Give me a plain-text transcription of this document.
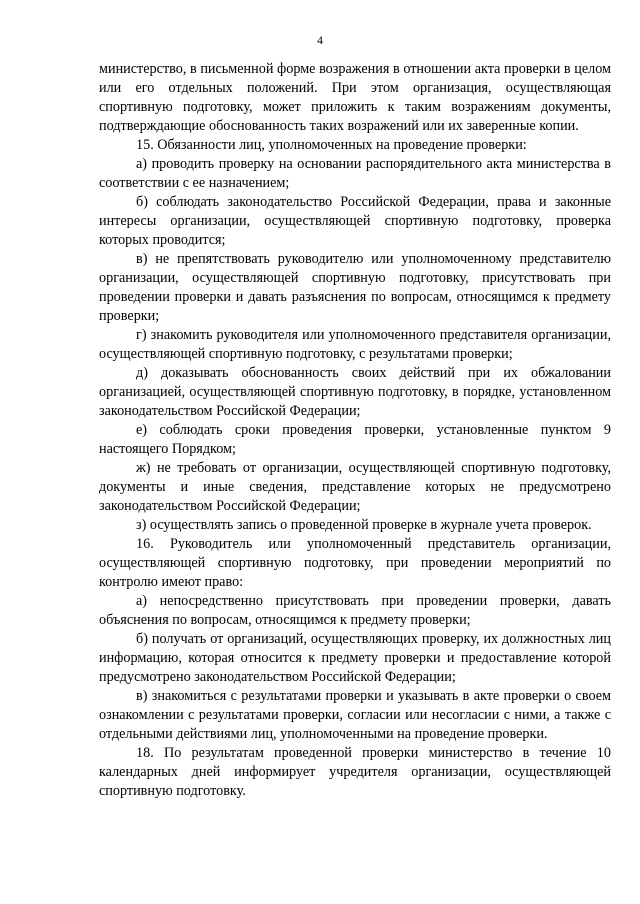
4

министерство, в письменной форме возражения в отношении акта проверки в целом или его отдельных положений. При этом организация, осуществляющая спортивную подготовку, может приложить к таким возражениям документы, подтверждающие обоснованность таких возражений или их заверенные копии.

15. Обязанности лиц, уполномоченных на проведение проверки:

а) проводить проверку на основании распорядительного акта министерства в соответствии с ее назначением;

б) соблюдать законодательство Российской Федерации, права и законные интересы организации, осуществляющей спортивную подготовку, проверка которых проводится;

в) не препятствовать руководителю или уполномоченному представителю организации, осуществляющей спортивную подготовку, присутствовать при проведении проверки и давать разъяснения по вопросам, относящимся к предмету проверки;

г) знакомить руководителя или уполномоченного представителя организации, осуществляющей спортивную подготовку, с результатами проверки;

д) доказывать обоснованность своих действий при их обжаловании организацией, осуществляющей спортивную подготовку, в порядке, установленном законодательством Российской Федерации;

е) соблюдать сроки проведения проверки, установленные пунктом 9 настоящего Порядком;

ж) не требовать от организации, осуществляющей спортивную подготовку, документы и иные сведения, представление которых не предусмотрено законодательством Российской Федерации;

з) осуществлять запись о проведенной проверке в журнале учета проверок.

16. Руководитель или уполномоченный представитель организации, осуществляющей спортивную подготовку, при проведении мероприятий по контролю имеют право:

а) непосредственно присутствовать при проведении проверки, давать объяснения по вопросам, относящимся к предмету проверки;

б) получать от организаций, осуществляющих проверку, их должностных лиц информацию, которая относится к предмету проверки и предоставление которой предусмотрено законодательством Российской Федерации;

в) знакомиться с результатами проверки и указывать в акте проверки о своем ознакомлении с результатами проверки, согласии или несогласии с ними, а также с отдельными действиями лиц, уполномоченными на проведение проверки.

18. По результатам проведенной проверки министерство в течение 10 календарных дней информирует учредителя организации, осуществляющей спортивную подготовку.
